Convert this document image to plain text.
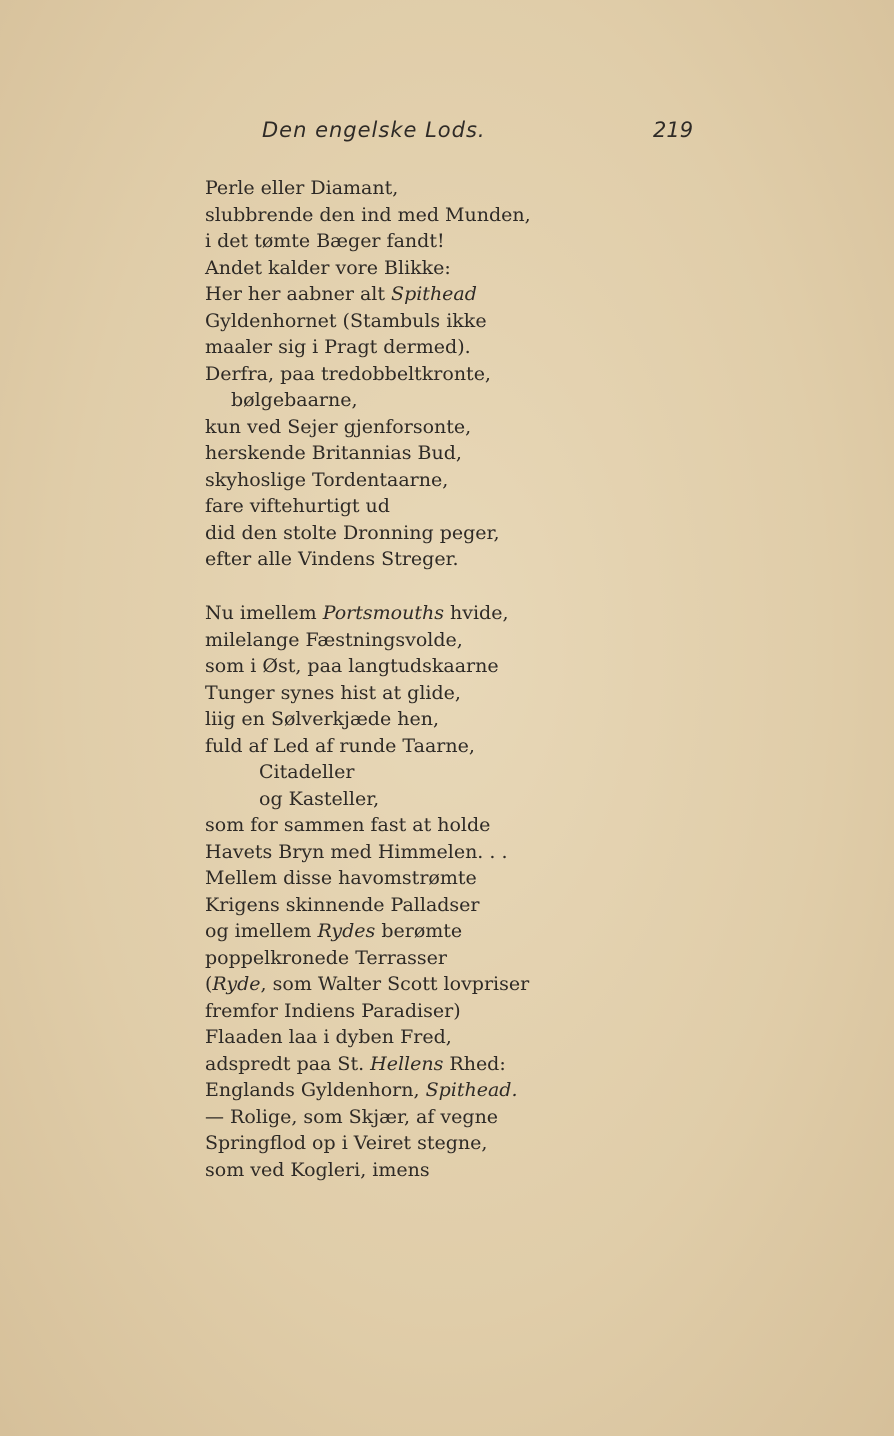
Den engelske Lods.	219
Perle eller Diamant,
slubbrende den ind med Munden,
i det tømte Bæger fandt!
Andet kalder vore Blikke:
Her her aabner alt Spithead
Gyldenhornet (Stambuls ikke
maaler sig i Pragt dermed).
Derfra, paa tredobbeltkronte,
bølgebaarne,
kun ved Sejer gjenforsonte,
herskende Britannias Bud,
skyhoslige Tordentaarne,
fare viftehurtigt ud
did den stolte Dronning peger,
efter alle Vindens Streger.
Nu imellem Portsmouths hvide,
milelange Fæstningsvolde,
som i Øst, paa langtudskaarne
Tunger synes hist at glide,
liig en Sølverkjæde hen,
fuld af Led af runde Taarne,
Citadeller
og Kasteller,
som for sammen fast at holde
Havets Bryn med Himmelen. . .
Mellem disse havomstrømte
Krigens skinnende Palladser
og imellem Rydes berømte
poppelkronede Terrasser
(Ryde, som Walter Scott lovpriser
fremfor Indiens Paradiser)
Flaaden laa i dyben Fred,
adspredt paa St. Hellens Rhed:
Englands Gyldenhorn, Spithead.
— Rolige, som Skjær, af vegne
Springflod op i Veiret stegne,
som ved Kogleri, imens
